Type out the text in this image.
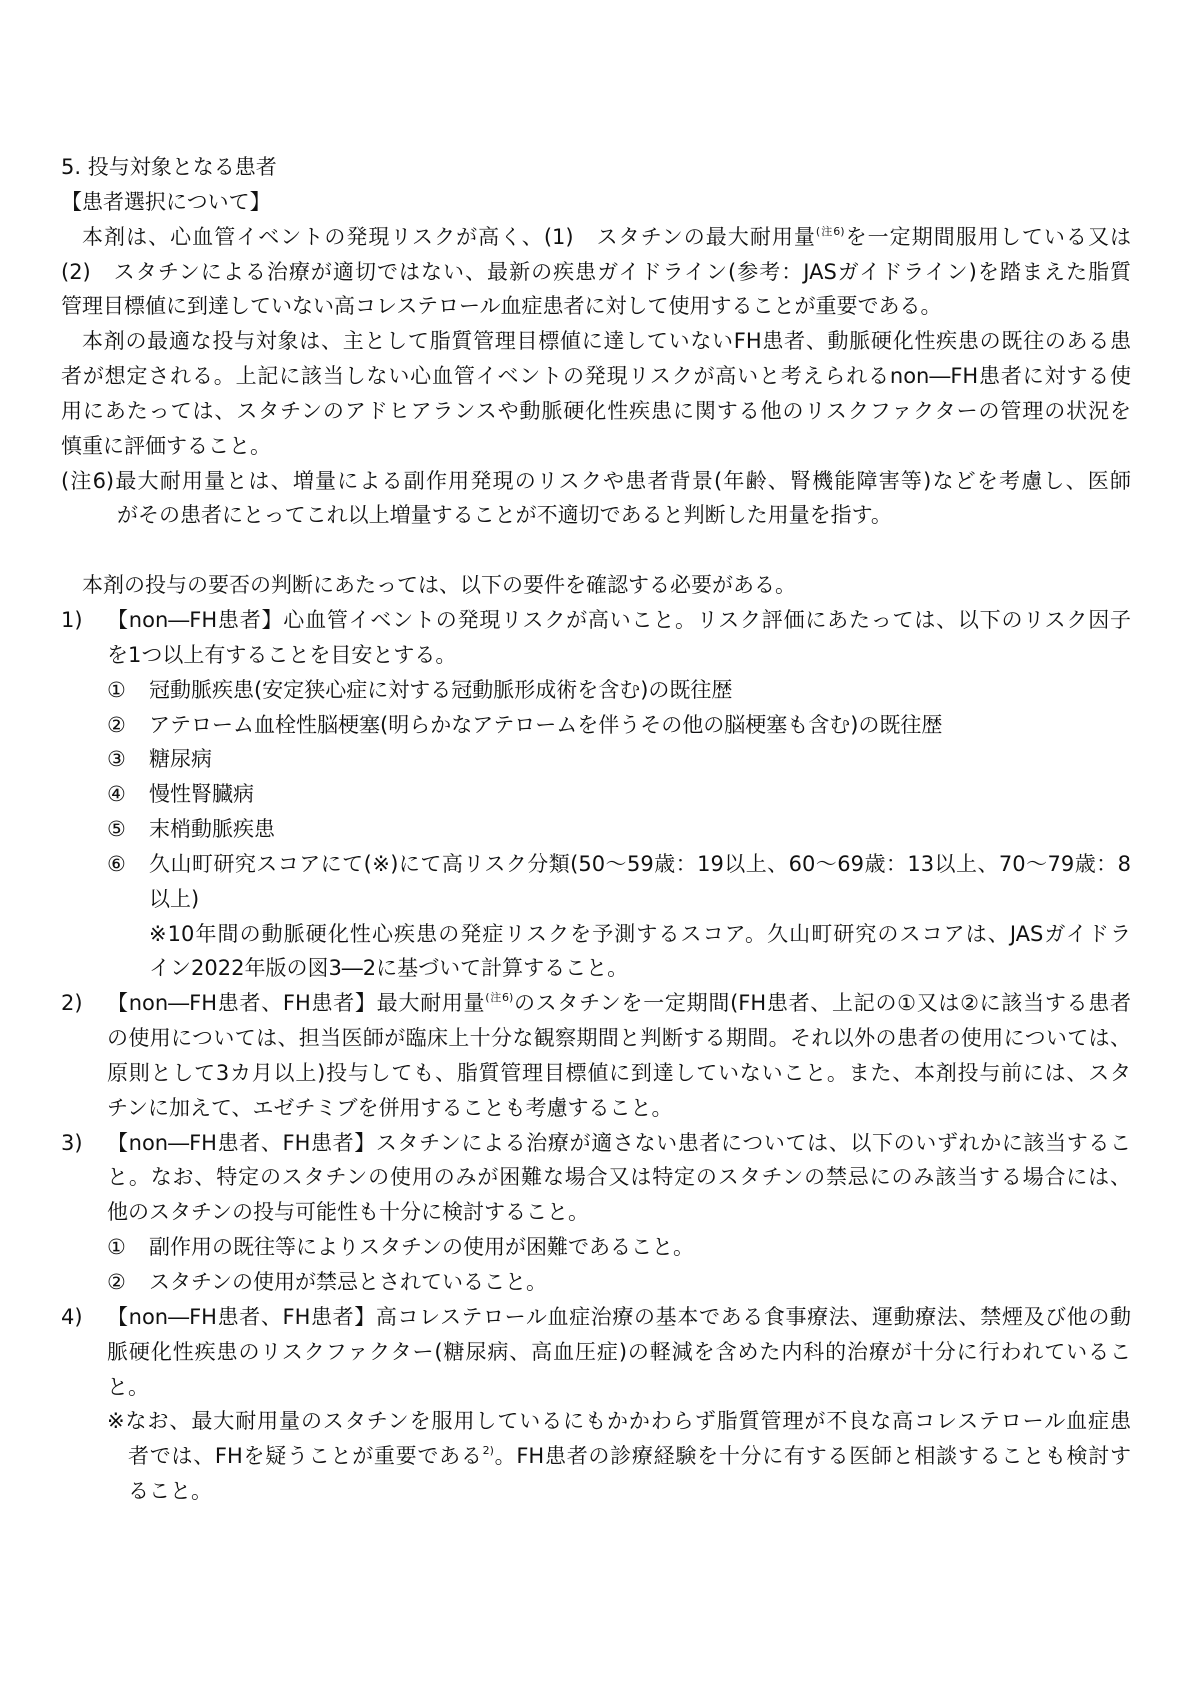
5. 投与対象となる患者
【患者選択について】
本剤は、心血管イベントの発現リスクが高く、(1)　スタチンの最大耐用量$^{(注6)}$を一定期間服用している又は
(2)　スタチンによる治療が適切ではない、最新の疾患ガイドライン(参考：JASガイドライン)を踏まえた脂質
管理目標値に到達していない高コレステロール血症患者に対して使用することが重要である。
本剤の最適な投与対象は、主として脂質管理目標値に達していないFH患者、動脈硬化性疾患の既往のある患
者が想定される。上記に該当しない心血管イベントの発現リスクが高いと考えられるnon―FH患者に対する使
用にあたっては、スタチンのアドヒアランスや動脈硬化性疾患に関する他のリスクファクターの管理の状況を
慎重に評価すること。
(注6)最大耐用量とは、増量による副作用発現のリスクや患者背景(年齢、腎機能障害等)などを考慮し、医師
がその患者にとってこれ以上増量することが不適切であると判断した用量を指す。
本剤の投与の要否の判断にあたっては、以下の要件を確認する必要がある。
1) 【non―FH患者】心血管イベントの発現リスクが高いこと。リスク評価にあたっては、以下のリスク因子
を1つ以上有することを目安とする。
① 冠動脈疾患(安定狭心症に対する冠動脈形成術を含む)の既往歴
② アテローム血栓性脳梗塞(明らかなアテロームを伴うその他の脳梗塞も含む)の既往歴
③ 糖尿病
④ 慢性腎臓病
⑤ 末梢動脈疾患
⑥ 久山町研究スコアにて(※)にて高リスク分類(50～59歳：19以上、60～69歳：13以上、70～79歳：8
以上)
※10年間の動脈硬化性心疾患の発症リスクを予測するスコア。久山町研究のスコアは、JASガイドラ
イン2022年版の図3―2に基づいて計算すること。
2) 【non―FH患者、FH患者】最大耐用量$^{(注6)}$のスタチンを一定期間(FH患者、上記の①又は②に該当する患者
の使用については、担当医師が臨床上十分な観察期間と判断する期間。それ以外の患者の使用については、
原則として3カ月以上)投与しても、脂質管理目標値に到達していないこと。また、本剤投与前には、スタ
チンに加えて、エゼチミブを併用することも考慮すること。
3) 【non―FH患者、FH患者】スタチンによる治療が適さない患者については、以下のいずれかに該当するこ
と。なお、特定のスタチンの使用のみが困難な場合又は特定のスタチンの禁忌にのみ該当する場合には、
他のスタチンの投与可能性も十分に検討すること。
① 副作用の既往等によりスタチンの使用が困難であること。
② スタチンの使用が禁忌とされていること。
4) 【non―FH患者、FH患者】高コレステロール血症治療の基本である食事療法、運動療法、禁煙及び他の動
脈硬化性疾患のリスクファクター(糖尿病、高血圧症)の軽減を含めた内科的治療が十分に行われているこ
と。
※なお、最大耐用量のスタチンを服用しているにもかかわらず脂質管理が不良な高コレステロール血症患
者では、FHを疑うことが重要である$^{2)}$。FH患者の診療経験を十分に有する医師と相談することも検討す
ること。
